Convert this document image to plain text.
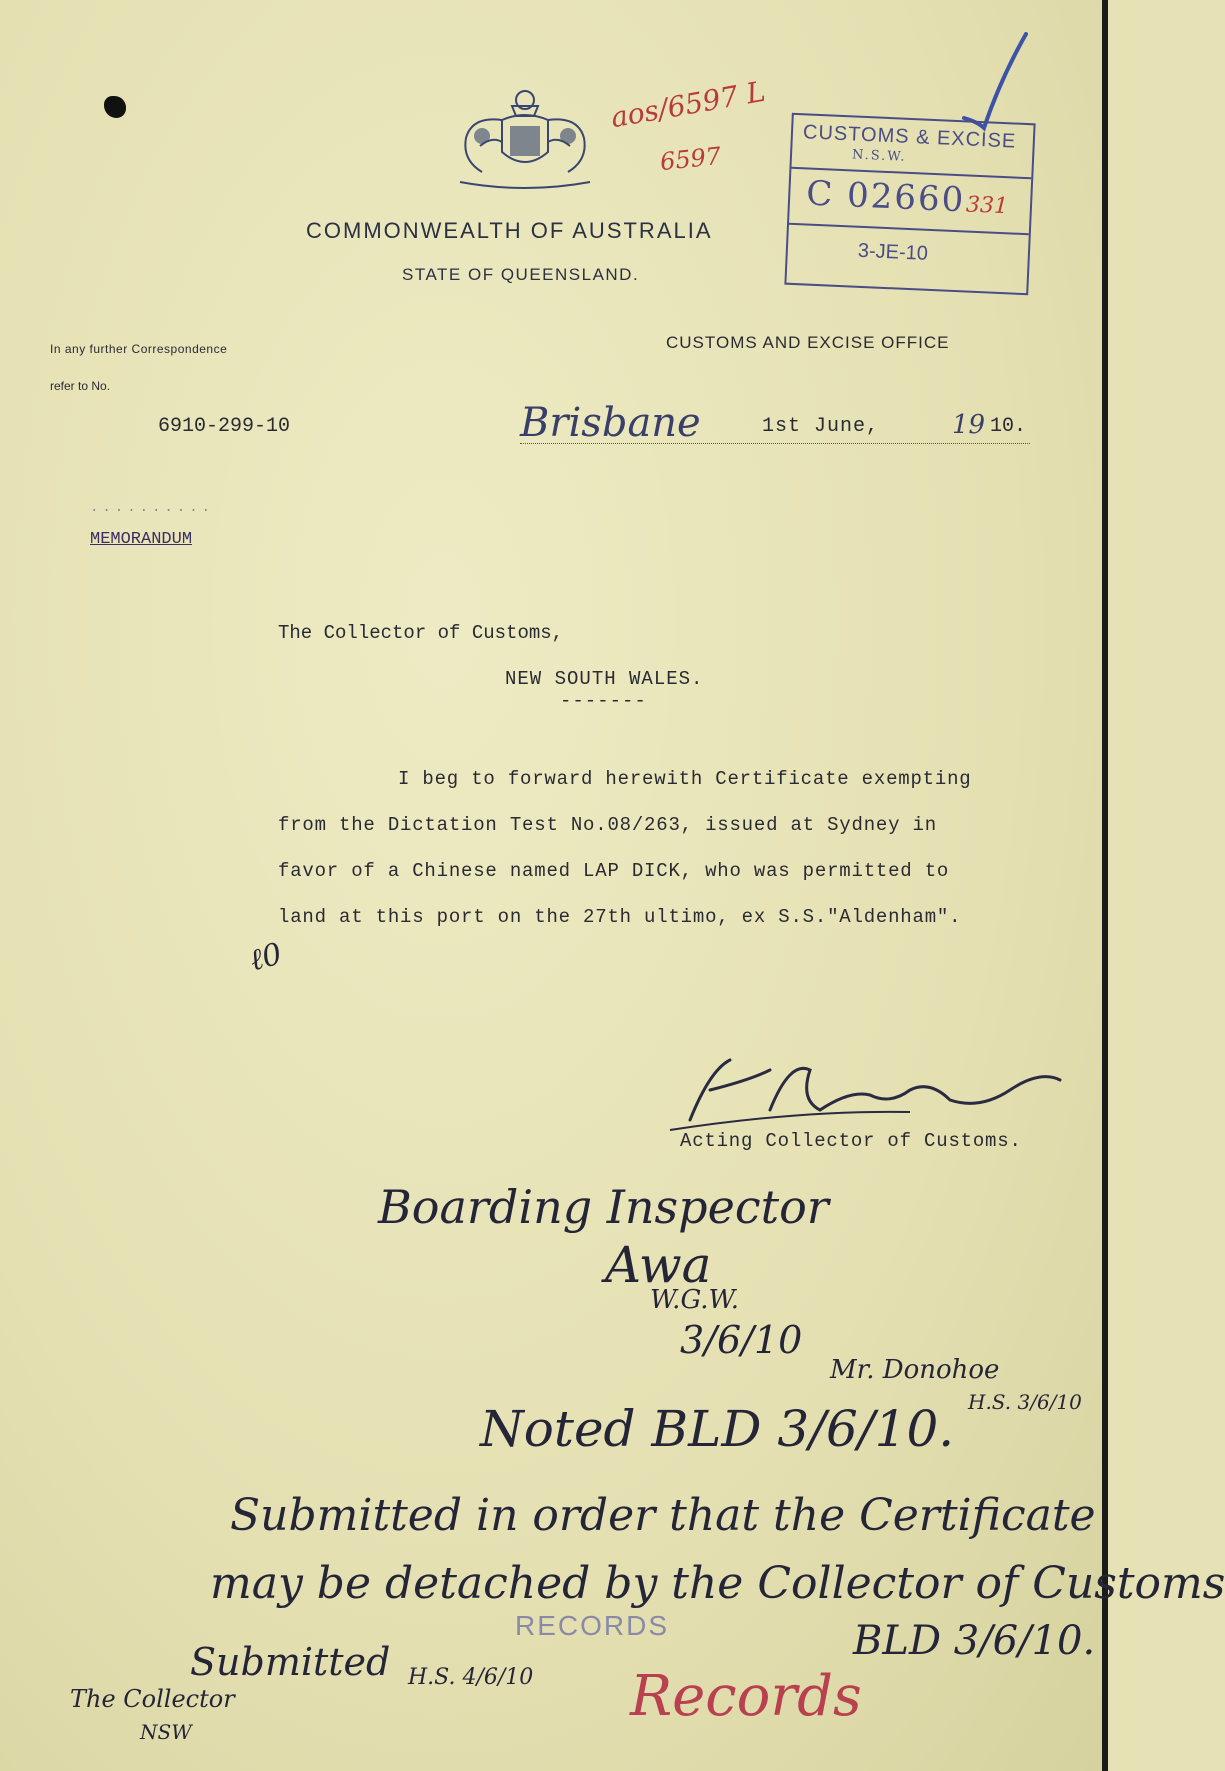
COMMONWEALTH OF AUSTRALIA
STATE OF QUEENSLAND.
aos/6597 L
6597
CUSTOMS & EXCISE
N.S.W.
C 02660 331
3-JE-10
In any further Correspondence
refer to No.
6910-299-10
CUSTOMS AND EXCISE OFFICE
Brisbane	1st June,	19 10.
..........
MEMORANDUM
The Collector of Customs,
NEW SOUTH WALES.
-------
I beg to forward herewith Certificate exempting
from the Dictation Test No.08/263, issued at Sydney in
favor of a Chinese named LAP DICK, who was permitted to
land at this port on the 27th ultimo, ex S.S."Aldenham".
ℓ0
Acting Collector of Customs.
Boarding Inspector
Awa
W.G.W.
3/6/10
Mr. Donohoe
H.S. 3/6/10
Noted BLD 3/6/10.
Submitted in order that the Certificate
may be detached by the Collector of Customs
BLD 3/6/10.
RECORDS
Submitted H.S. 4/6/10
The Collector
NSW
Records
